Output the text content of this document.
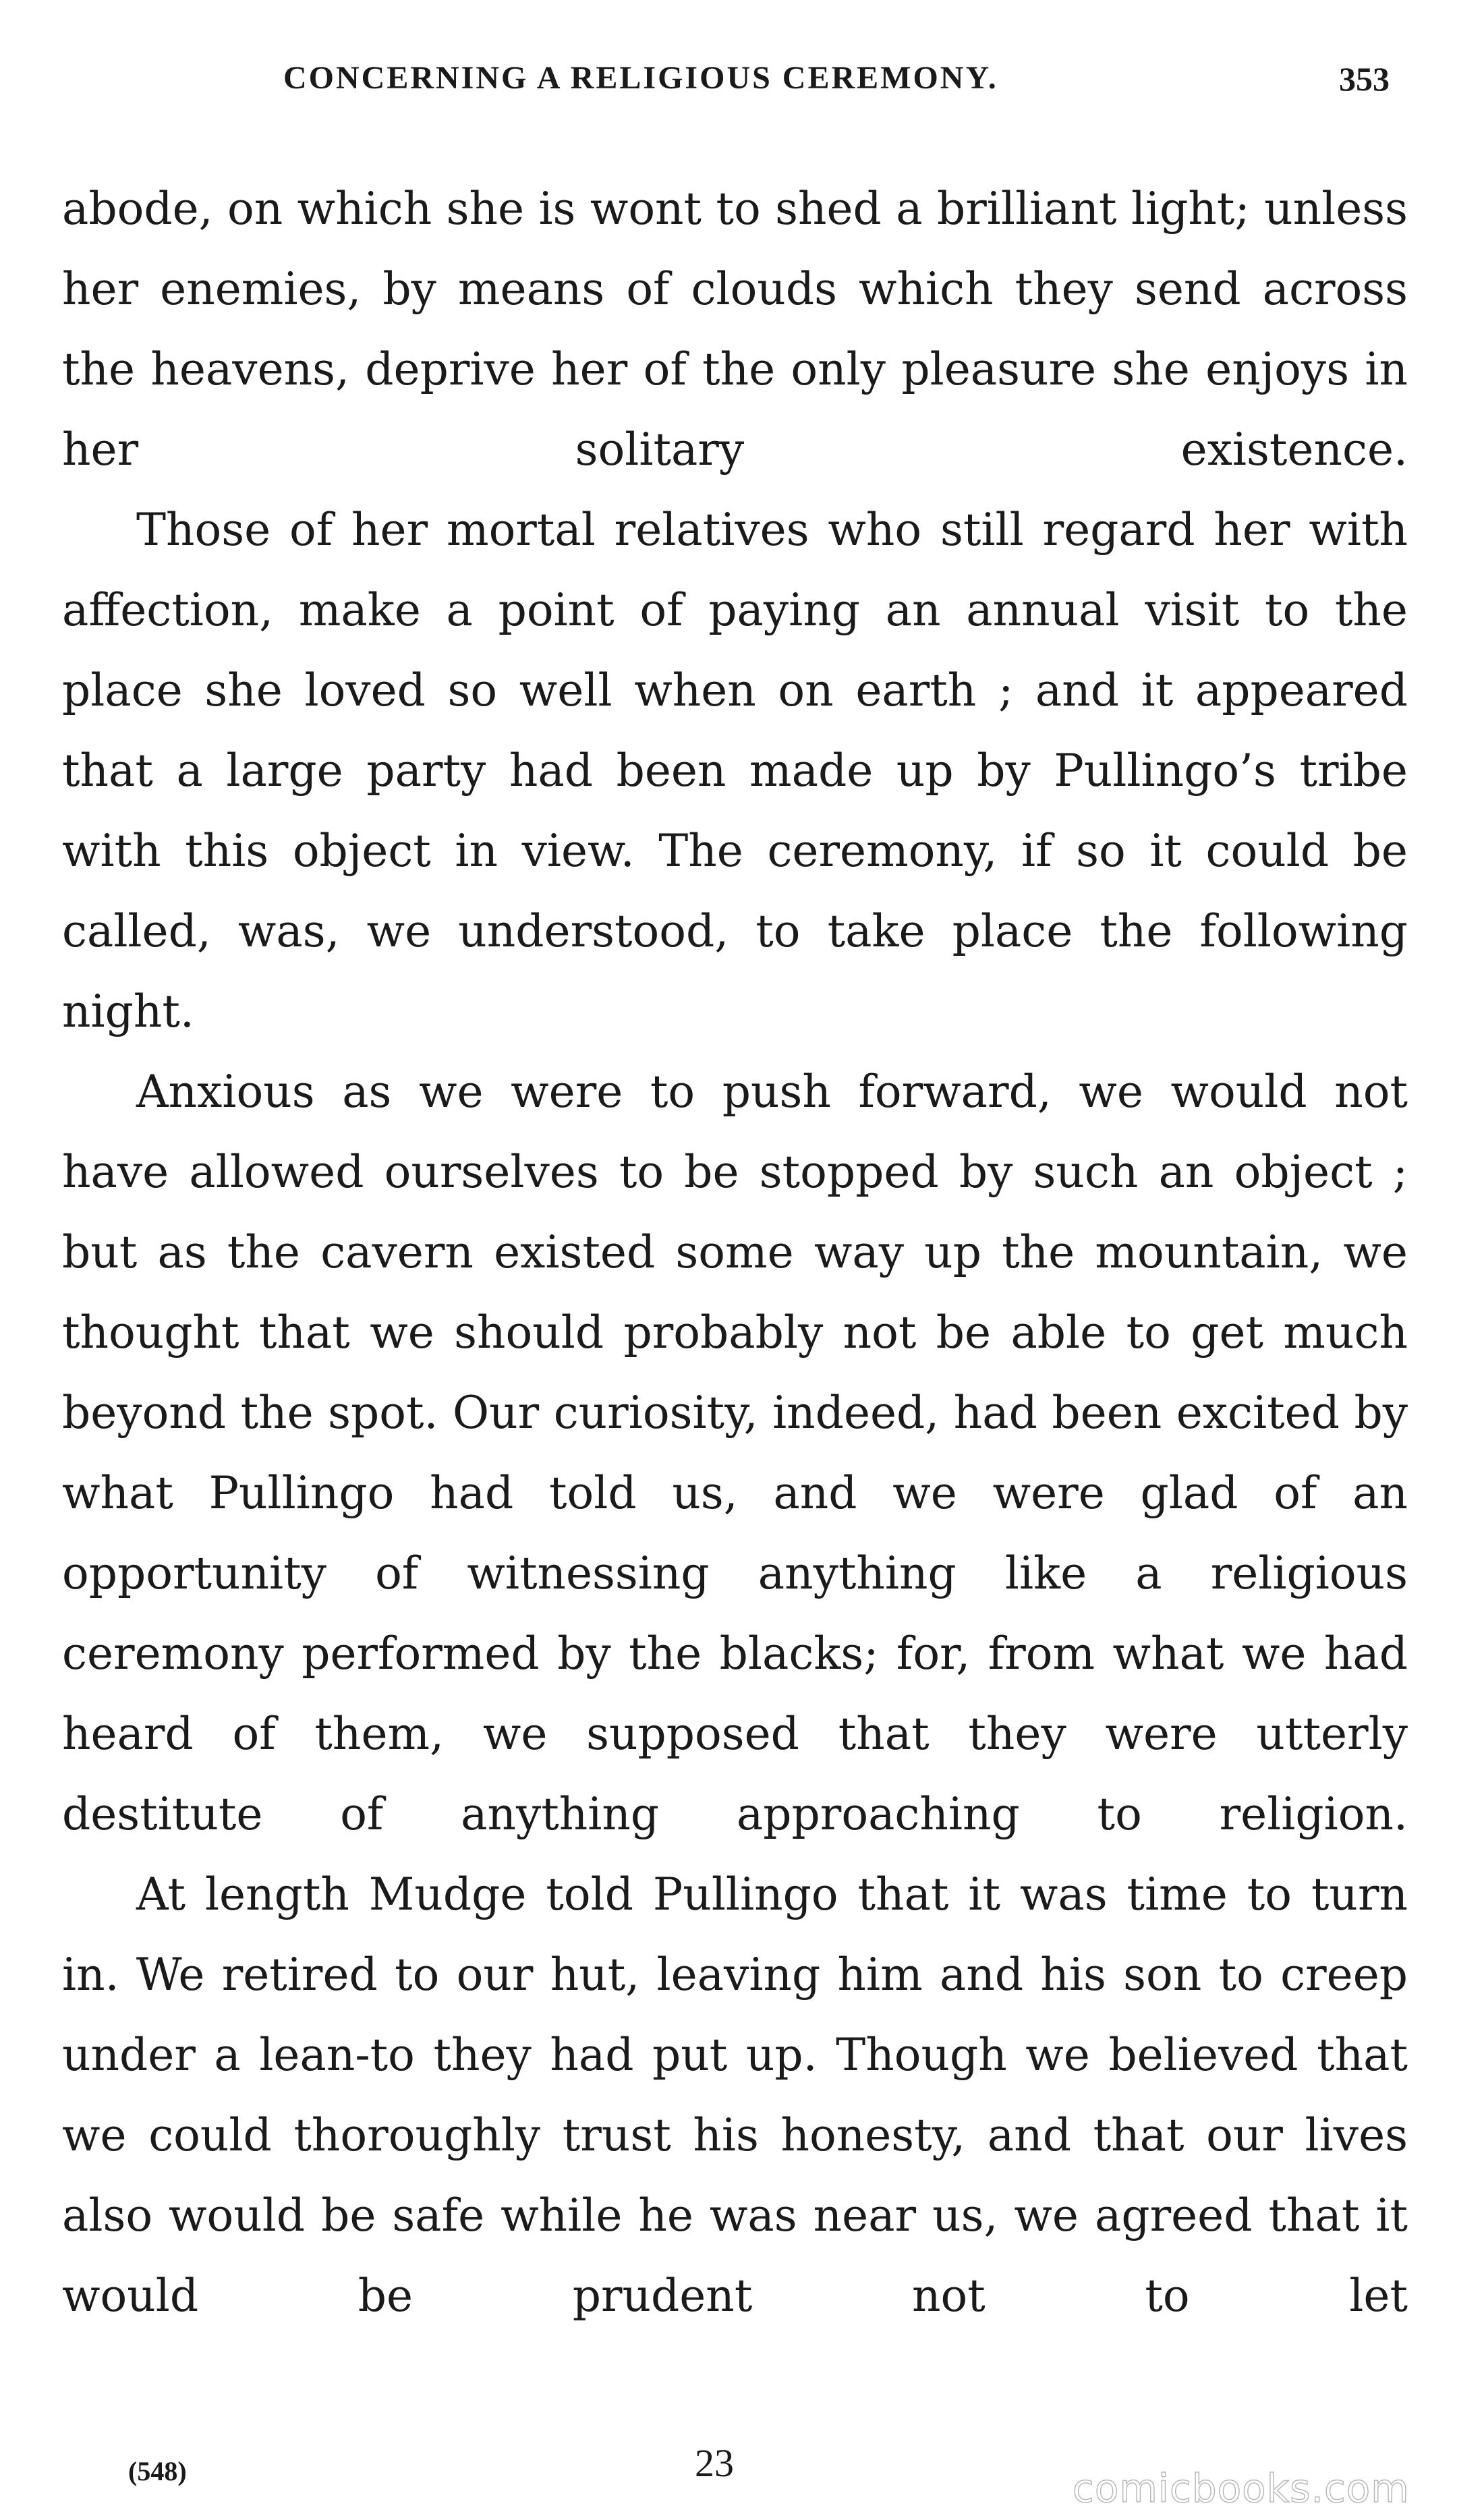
CONCERNING A RELIGIOUS CEREMONY.	353

abode, on which she is wont to shed a brilliant light; unless her enemies, by means of clouds which they send across the heavens, deprive her of the only pleasure she enjoys in her solitary existence.

Those of her mortal relatives who still regard her with affection, make a point of paying an annual visit to the place she loved so well when on earth ; and it appeared that a large party had been made up by Pullingo’s tribe with this object in view. The ceremony, if so it could be called, was, we understood, to take place the following night.

Anxious as we were to push forward, we would not have allowed ourselves to be stopped by such an object ; but as the cavern existed some way up the mountain, we thought that we should probably not be able to get much beyond the spot. Our curiosity, indeed, had been excited by what Pullingo had told us, and we were glad of an opportunity of witnessing anything like a religious ceremony performed by the blacks; for, from what we had heard of them, we supposed that they were utterly destitute of anything approaching to religion.

At length Mudge told Pullingo that it was time to turn in. We retired to our hut, leaving him and his son to creep under a lean-to they had put up. Though we believed that we could thoroughly trust his honesty, and that our lives also would be safe while he was near us, we agreed that it would be prudent not to let

(548)	23
comicbooks.com
